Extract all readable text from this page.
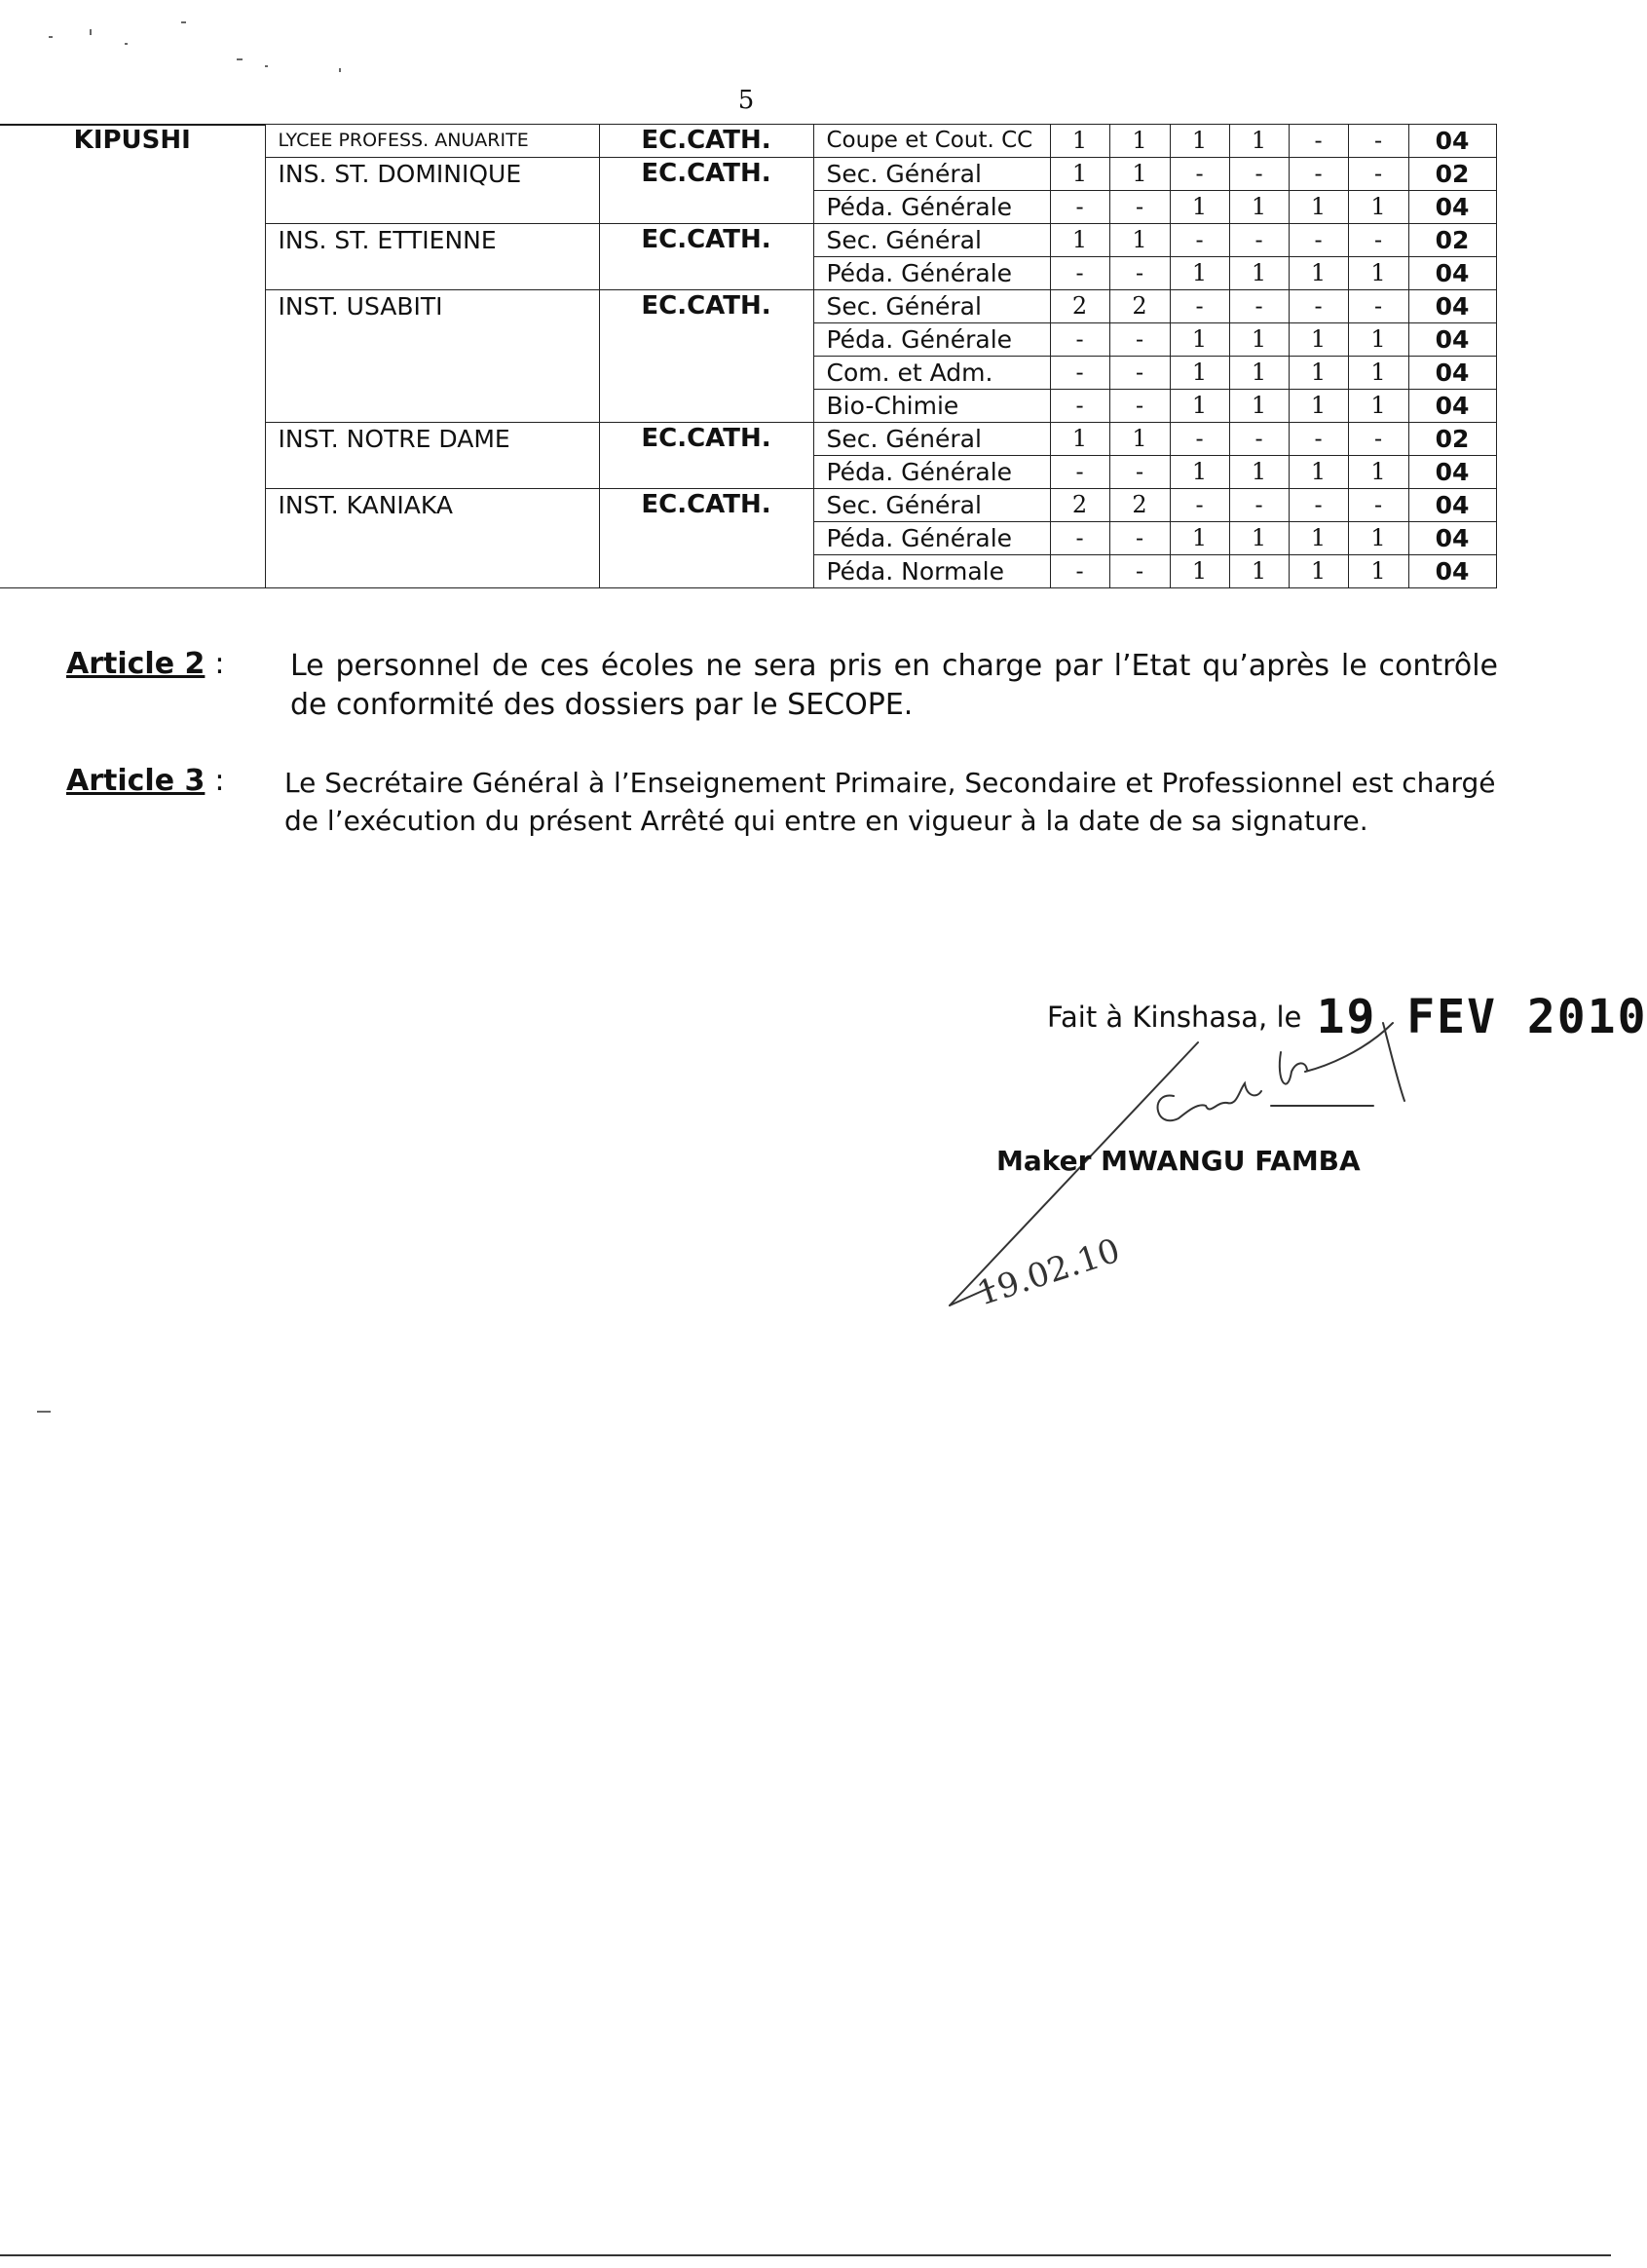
5
KIPUSHI	LYCEE PROFESS. ANUARITE	EC.CATH.	Coupe et Cout. CC	1	1	1	1	-	-	04
	INS. ST. DOMINIQUE	EC.CATH.	Sec. Général	1	1	-	-	-	-	02
			Péda. Générale	-	-	1	1	1	1	04
	INS. ST. ETTIENNE	EC.CATH.	Sec. Général	1	1	-	-	-	-	02
			Péda. Générale	-	-	1	1	1	1	04
	INST. USABITI	EC.CATH.	Sec. Général	2	2	-	-	-	-	04
			Péda. Générale	-	-	1	1	1	1	04
			Com. et Adm.	-	-	1	1	1	1	04
			Bio-Chimie	-	-	1	1	1	1	04
	INST. NOTRE DAME	EC.CATH.	Sec. Général	1	1	-	-	-	-	02
			Péda. Générale	-	-	1	1	1	1	04
	INST. KANIAKA	EC.CATH.	Sec. Général	2	2	-	-	-	-	04
			Péda. Générale	-	-	1	1	1	1	04
			Péda. Normale	-	-	1	1	1	1	04
Article 2 : Le personnel de ces écoles ne sera pris en charge par l’Etat qu’après le contrôle de conformité des dossiers par le SECOPE.
Article 3 : Le Secrétaire Général à l’Enseignement Primaire, Secondaire et Professionnel est chargé de l’exécution du présent Arrêté qui entre en vigueur à la date de sa signature.
Fait à Kinshasa, le 19 FEV 2010
19.02.10
Maker MWANGU FAMBA
